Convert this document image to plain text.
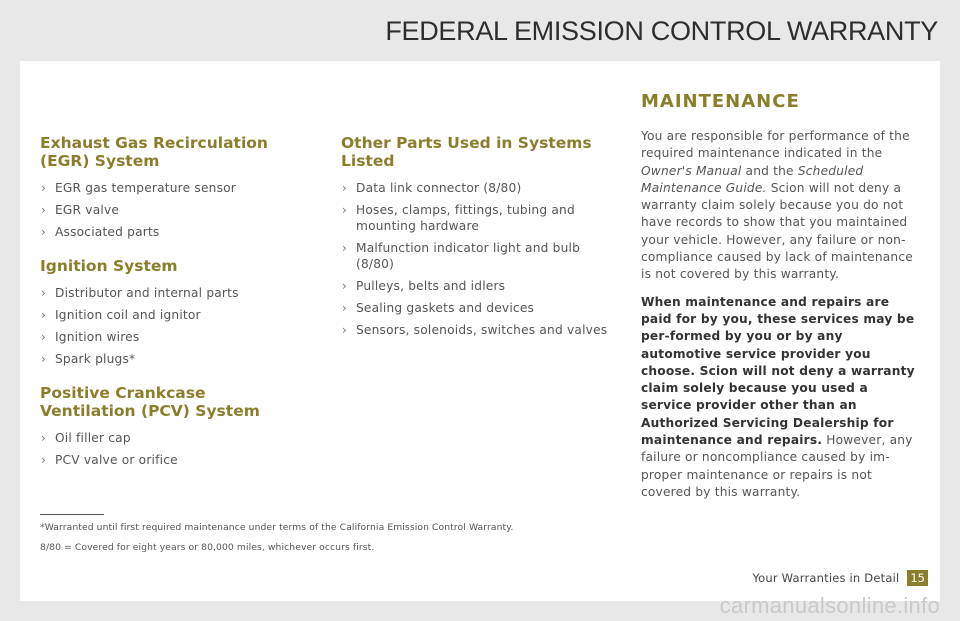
FEDERAL EMISSION CONTROL WARRANTY
Exhaust Gas Recirculation (EGR) System
› EGR gas temperature sensor
› EGR valve
› Associated parts
Ignition System
› Distributor and internal parts
› Ignition coil and ignitor
› Ignition wires
› Spark plugs*
Positive Crankcase Ventilation (PCV) System
› Oil filler cap
› PCV valve or orifice
Other Parts Used in Systems Listed
› Data link connector (8/80)
› Hoses, clamps, fittings, tubing and mounting hardware
› Malfunction indicator light and bulb (8/80)
› Pulleys, belts and idlers
› Sealing gaskets and devices
› Sensors, solenoids, switches and valves
MAINTENANCE

You are responsible for performance of the required maintenance indicated in the Owner's Manual and the Scheduled Maintenance Guide. Scion will not deny a warranty claim solely because you do not have records to show that you maintained your vehicle. However, any failure or non-compliance caused by lack of maintenance is not covered by this warranty.

When maintenance and repairs are paid for by you, these services may be per-formed by you or by any automotive service provider you choose. Scion will not deny a warranty claim solely because you used a service provider other than an Authorized Servicing Dealership for maintenance and repairs. However, any failure or noncompliance caused by im-proper maintenance or repairs is not covered by this warranty.

*Warranted until first required maintenance under terms of the California Emission Control Warranty.
8/80 = Covered for eight years or 80,000 miles, whichever occurs first.
Your Warranties in Detail 15
carmanualsonline.info
